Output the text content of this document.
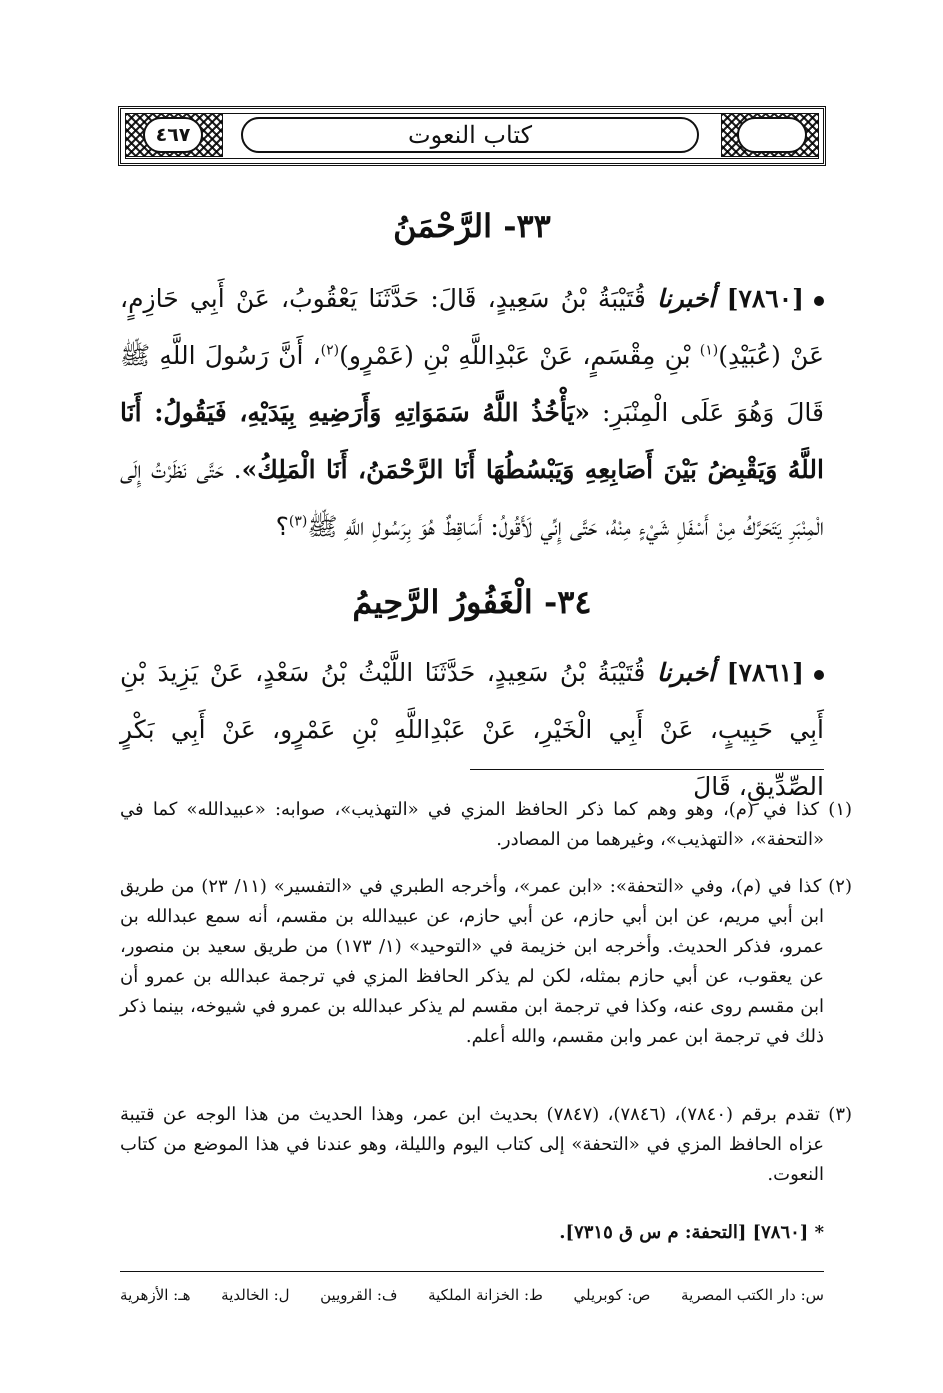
٤٦٧	كتاب النعوت
٣٣- الرَّحْمَنُ
[٧٨٦٠] أخبرنا قُتَيْبَةُ بْنُ سَعِيدٍ، قَالَ: حَدَّثَنَا يَعْقُوبُ، عَنْ أَبِي حَازِمٍ، عَنْ (عُبَيْدِ)$^{(١)}$ بْنِ مِقْسَمٍ، عَنْ عَبْدِاللَّهِ بْنِ (عَمْرٍو)$^{(٢)}$، أَنَّ رَسُولَ اللَّهِ ﷺ قَالَ وَهُوَ عَلَى الْمِنْبَرِ: «يَأْخُذُ اللَّهُ سَمَوَاتِهِ وَأَرَضِيهِ بِيَدَيْهِ، فَيَقُولُ: أَنَا اللَّهُ وَيَقْبِضُ بَيْنَ أَصَابِعِهِ وَيَبْسُطُهَا أَنَا الرَّحْمَنُ، أَنَا الْمَلِكُ». حَتَّى نَظَرْتُ إِلَى الْمِنْبَرِ يَتَحَرَّكُ مِنْ أَسْفَلِ شَيْءٍ مِنْهُ، حَتَّى إِنِّي لَأَقُولُ: أَسَاقِطٌ هُوَ بِرَسُولِ اللَّهِ ﷺ$^{(٣)}$؟
٣٤- الْغَفُورُ الرَّحِيمُ
[٧٨٦١] أخبرنا قُتَيْبَةُ بْنُ سَعِيدٍ، حَدَّثَنَا اللَّيْثُ بْنُ سَعْدٍ، عَنْ يَزِيدَ بْنِ أَبِي حَبِيبٍ، عَنْ أَبِي الْخَيْرِ، عَنْ عَبْدِاللَّهِ بْنِ عَمْرٍو، عَنْ أَبِي بَكْرٍ الصِّدِّيقِ، قَالَ
(١) كذا في (م)، وهو وهم كما ذكر الحافظ المزي في «التهذيب»، صوابه: «عبيدالله» كما في «التحفة»، «التهذيب»، وغيرهما من المصادر.
(٢) كذا في (م)، وفي «التحفة»: «ابن عمر»، وأخرجه الطبري في «التفسير» (١١/ ٢٣) من طريق ابن أبي مريم، عن ابن أبي حازم، عن أبي حازم، عن عبيدالله بن مقسم، أنه سمع عبدالله بن عمرو، فذكر الحديث. وأخرجه ابن خزيمة في «التوحيد» (١/ ١٧٣) من طريق سعيد بن منصور، عن يعقوب، عن أبي حازم بمثله، لكن لم يذكر الحافظ المزي في ترجمة عبدالله بن عمرو أن ابن مقسم روى عنه، وكذا في ترجمة ابن مقسم لم يذكر عبدالله بن عمرو في شيوخه، بينما ذكر ذلك في ترجمة ابن عمر وابن مقسم، والله أعلم.
(٣) تقدم برقم (٧٨٤٠)، (٧٨٤٦)، (٧٨٤٧) بحديث ابن عمر، وهذا الحديث من هذا الوجه عن قتيبة عزاه الحافظ المزي في «التحفة» إلى كتاب اليوم والليلة، وهو عندنا في هذا الموضع من كتاب النعوت.
* [٧٨٦٠] [التحفة: م س ق ٧٣١٥].
س: دار الكتب المصرية
ص: كوبريلي
ط: الخزانة الملكية
ف: القرويين
ل: الخالدية
هـ: الأزهرية
